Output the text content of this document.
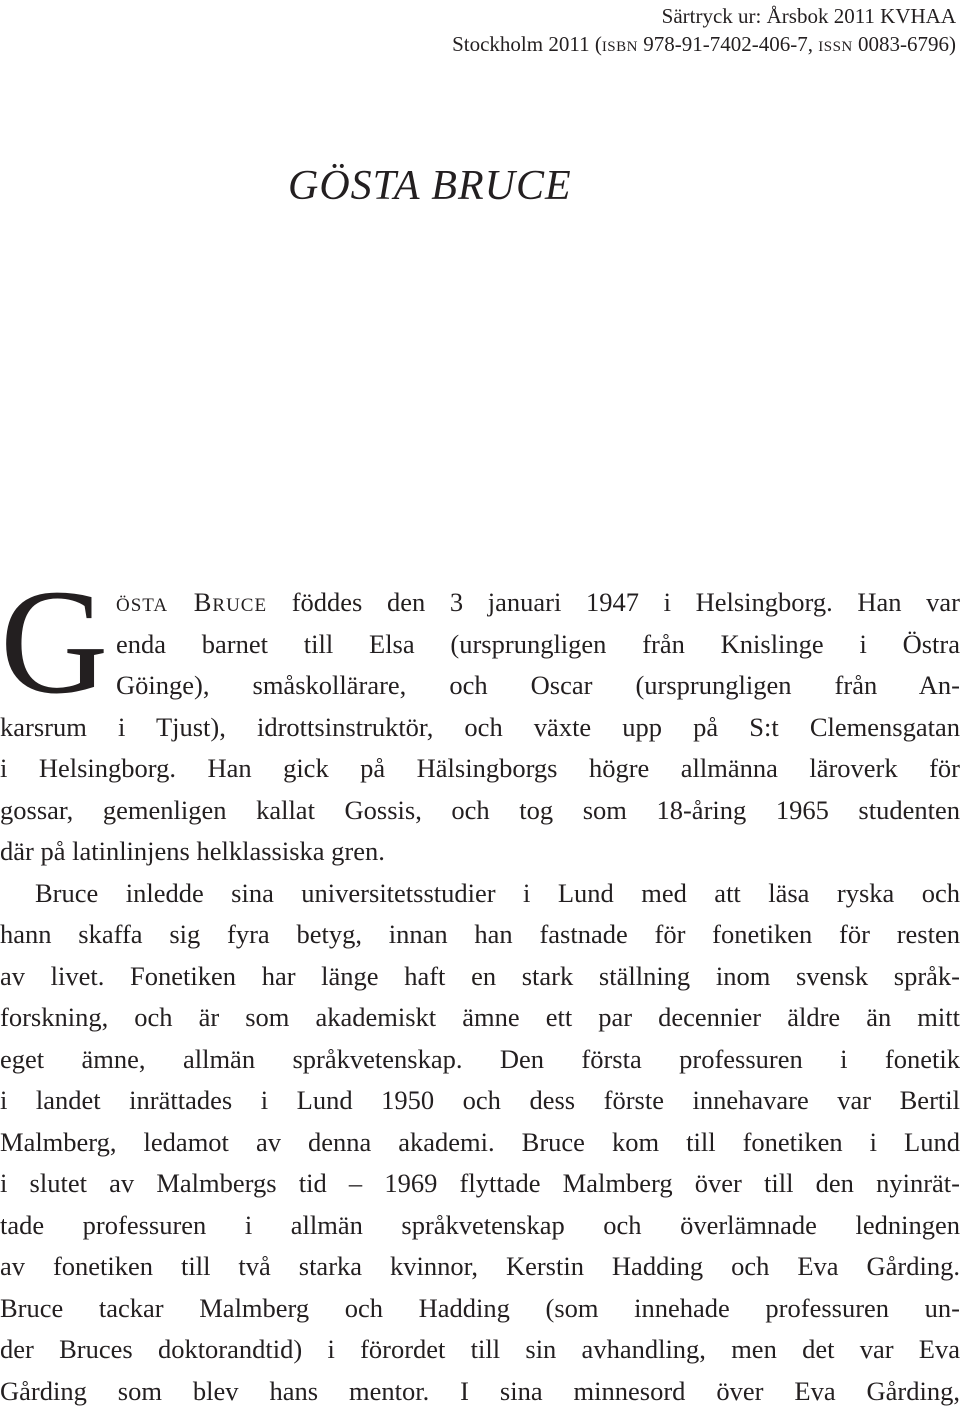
Särtryck ur: Årsbok 2011 KVHAA
Stockholm 2011 (isbn 978-91-7402-406-7, issn 0083-6796)
GÖSTA BRUCE
G östa Bruce föddes den 3 januari 1947 i Helsingborg. Han var
enda barnet till Elsa (ursprungligen från Knislinge i Östra
Göinge), småskollärare, och Oscar (ursprungligen från An-
karsrum i Tjust), idrottsinstruktör, och växte upp på S:t Clemensgatan
i Helsingborg. Han gick på Hälsingborgs högre allmänna läroverk för
gossar, gemenligen kallat Gossis, och tog som 18-åring 1965 studenten
där på latinlinjens helklassiska gren.
Bruce inledde sina universitetsstudier i Lund med att läsa ryska och
hann skaffa sig fyra betyg, innan han fastnade för fonetiken för resten
av livet. Fonetiken har länge haft en stark ställning inom svensk språk-
forskning, och är som akademiskt ämne ett par decennier äldre än mitt
eget ämne, allmän språkvetenskap. Den första professuren i fonetik
i landet inrättades i Lund 1950 och dess förste innehavare var Bertil
Malmberg, ledamot av denna akademi. Bruce kom till fonetiken i Lund
i slutet av Malmbergs tid – 1969 flyttade Malmberg över till den nyinrät-
tade professuren i allmän språkvetenskap och överlämnade ledningen
av fonetiken till två starka kvinnor, Kerstin Hadding och Eva Gårding.
Bruce tackar Malmberg och Hadding (som innehade professuren un-
der Bruces doktorandtid) i förordet till sin avhandling, men det var Eva
Gårding som blev hans mentor. I sina minnesord över Eva Gårding,
